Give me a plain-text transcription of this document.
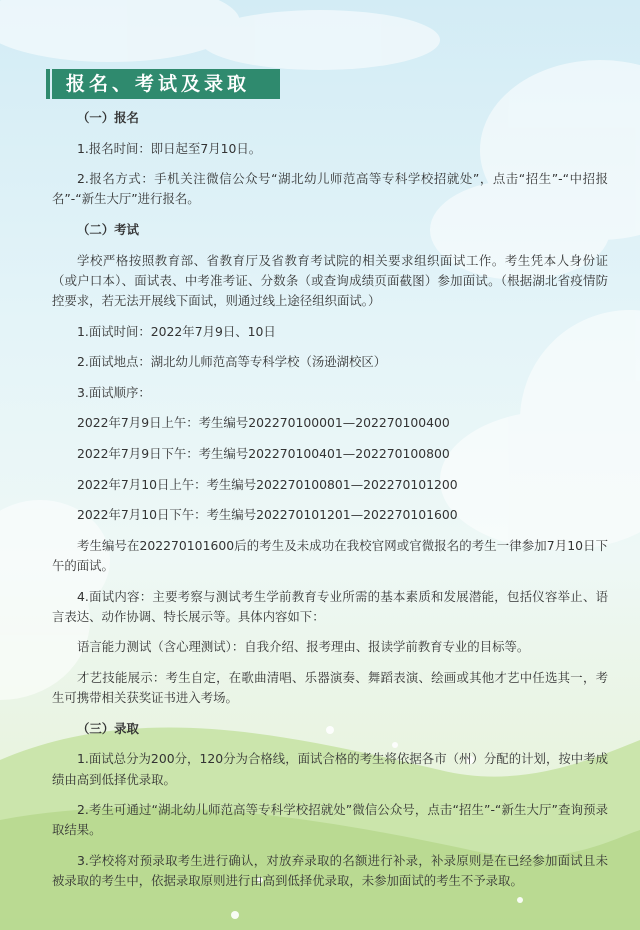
报名、考试及录取

（一）报名

1.报名时间：即日起至7月10日。

2.报名方式：手机关注微信公众号“湖北幼儿师范高等专科学校招就处”，点击“招生”-“中招报名”-“新生大厅”进行报名。

（二）考试

学校严格按照教育部、省教育厅及省教育考试院的相关要求组织面试工作。考生凭本人身份证（或户口本）、面试表、中考准考证、分数条（或查询成绩页面截图）参加面试。（根据湖北省疫情防控要求，若无法开展线下面试，则通过线上途径组织面试。）

1.面试时间：2022年7月9日、10日

2.面试地点：湖北幼儿师范高等专科学校（汤逊湖校区）

3.面试顺序：

2022年7月9日上午：考生编号202270100001—202270100400

2022年7月9日下午：考生编号202270100401—202270100800

2022年7月10日上午：考生编号202270100801—202270101200

2022年7月10日下午：考生编号202270101201—202270101600

考生编号在202270101600后的考生及未成功在我校官网或官微报名的考生一律参加7月10日下午的面试。

4.面试内容：主要考察与测试考生学前教育专业所需的基本素质和发展潜能，包括仪容举止、语言表达、动作协调、特长展示等。具体内容如下：

语言能力测试（含心理测试）：自我介绍、报考理由、报读学前教育专业的目标等。

才艺技能展示：考生自定，在歌曲清唱、乐器演奏、舞蹈表演、绘画或其他才艺中任选其一，考生可携带相关获奖证书进入考场。

（三）录取

1.面试总分为200分，120分为合格线，面试合格的考生将依据各市（州）分配的计划，按中考成绩由高到低择优录取。

2.考生可通过“湖北幼儿师范高等专科学校招就处”微信公众号，点击“招生”-“新生大厅”查询预录取结果。

3.学校将对预录取考生进行确认，对放弃录取的名额进行补录，补录原则是在已经参加面试且未被录取的考生中，依据录取原则进行由高到低择优录取，未参加面试的考生不予录取。
